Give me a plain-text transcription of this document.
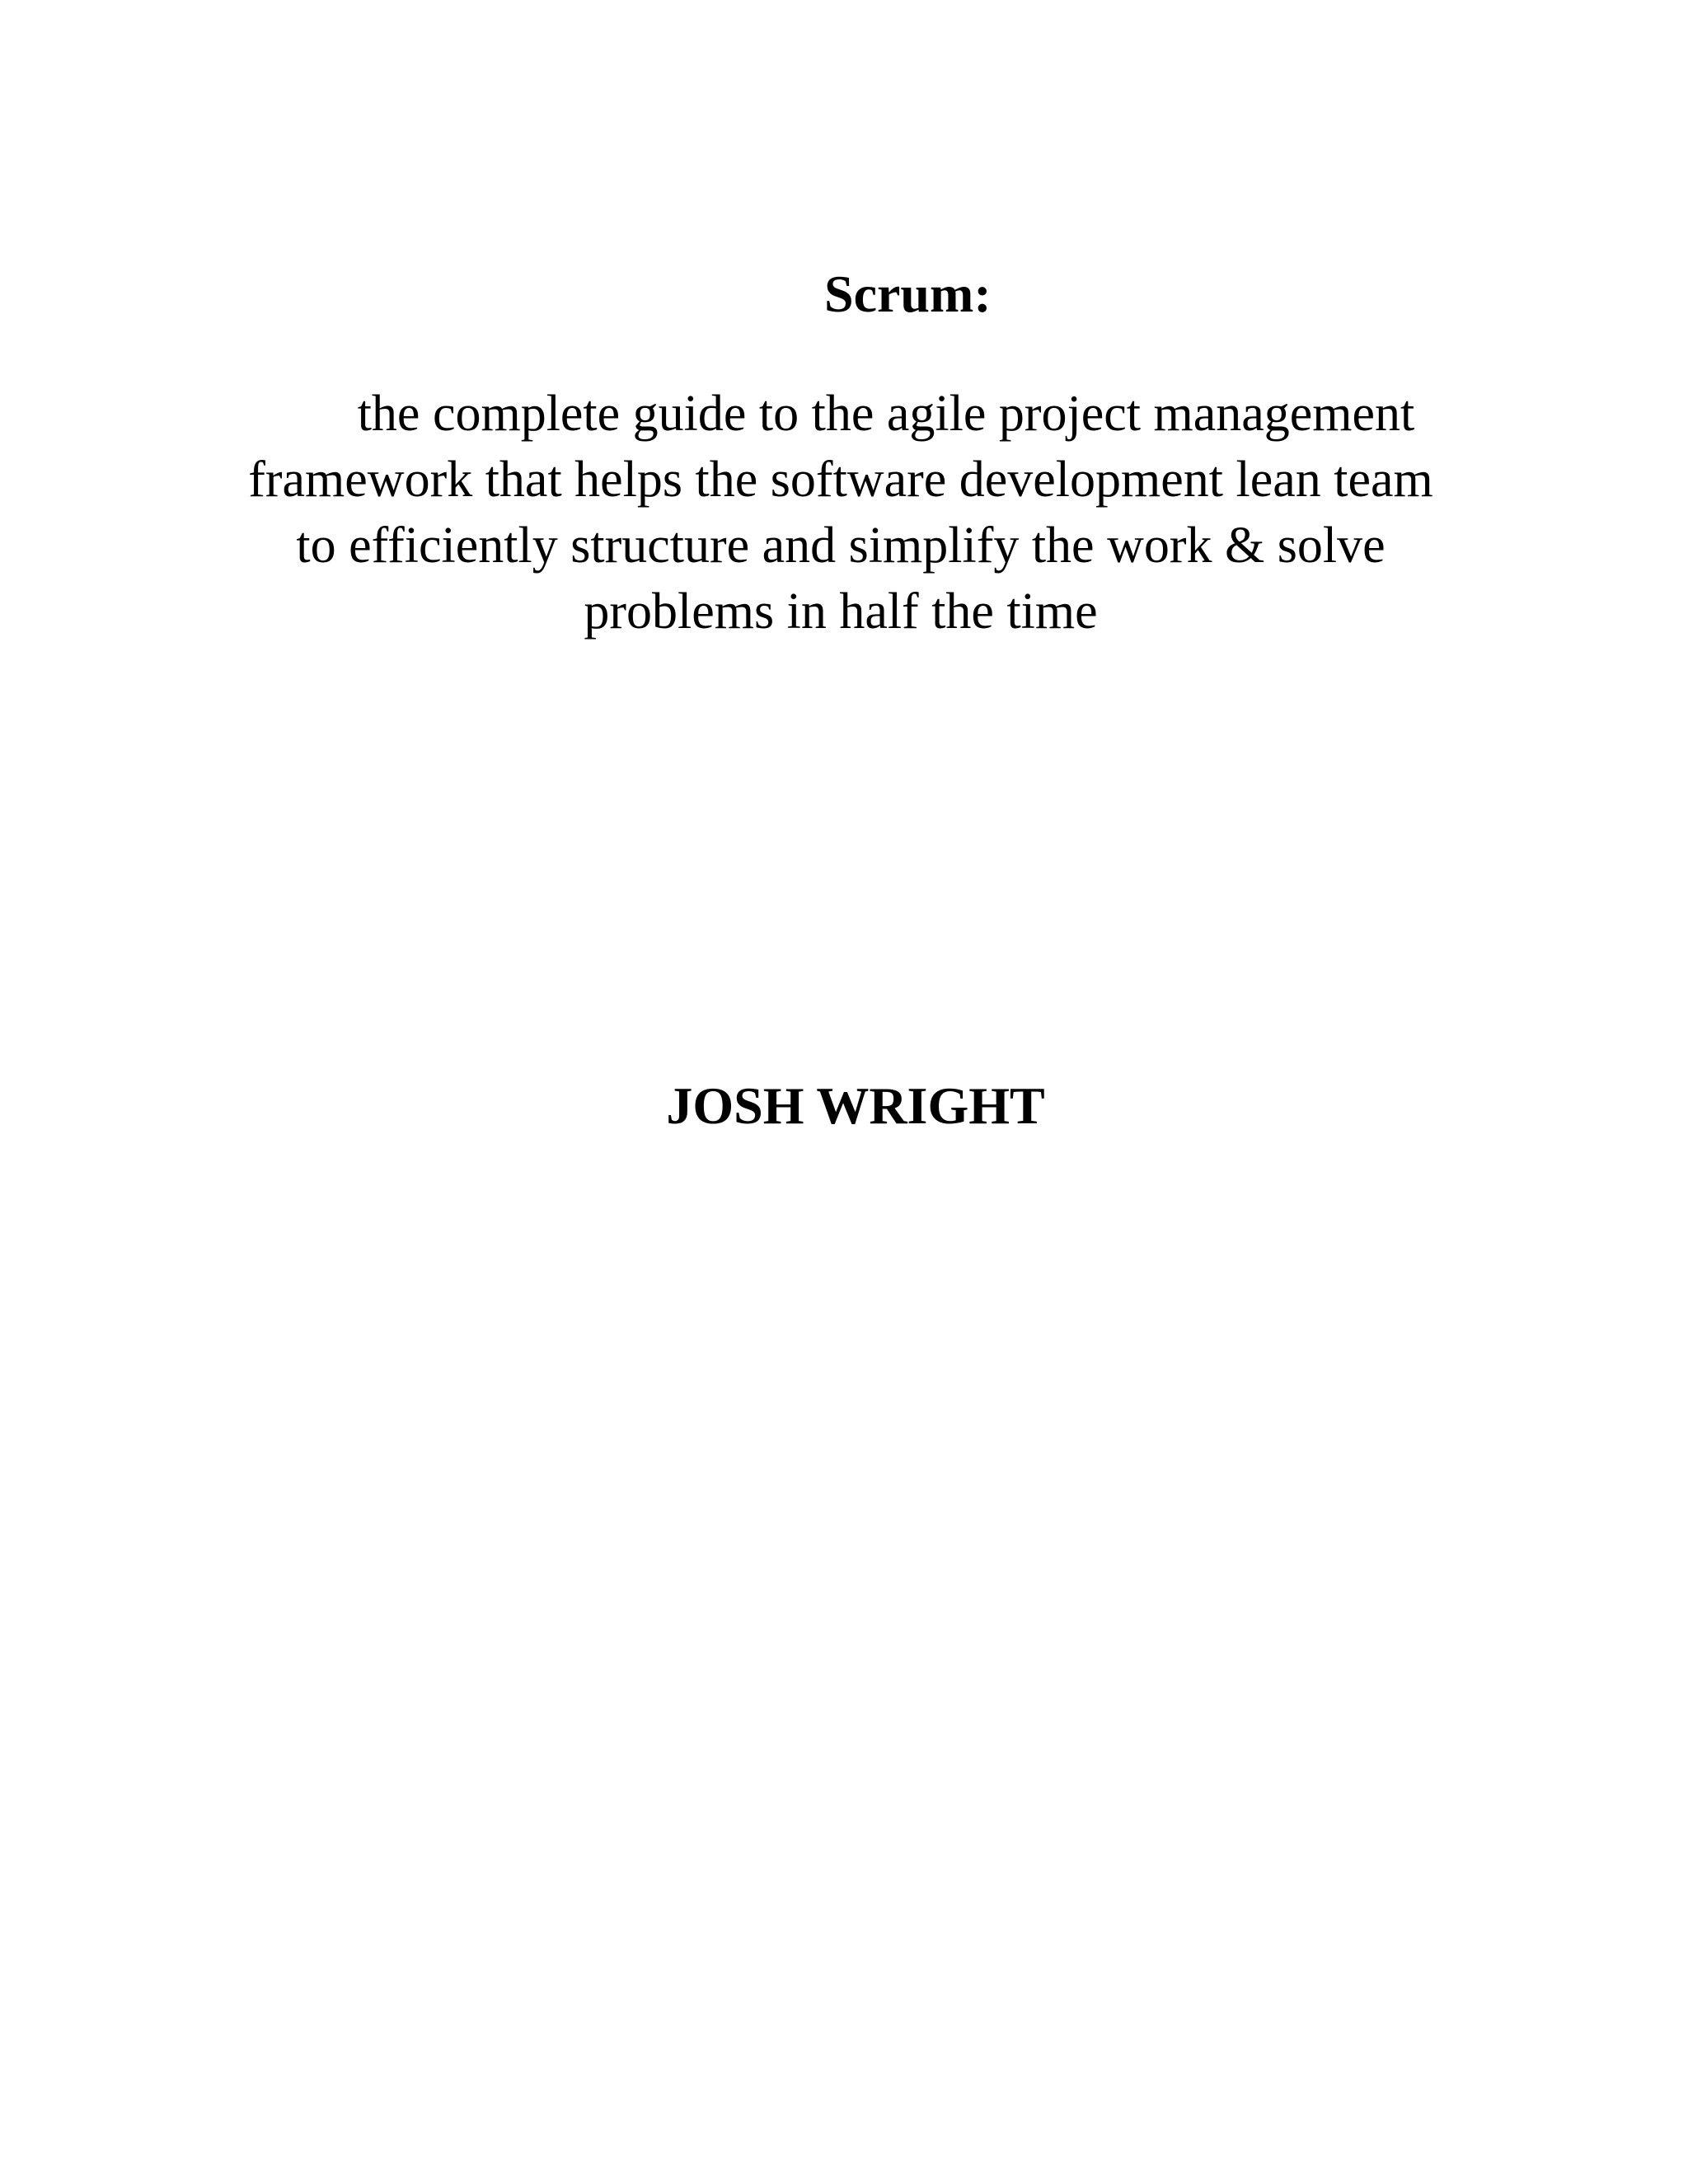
Scrum:

the complete guide to the agile project management
framework that helps the software development lean team
to efficiently structure and simplify the work & solve
problems in half the time

JOSH WRIGHT
